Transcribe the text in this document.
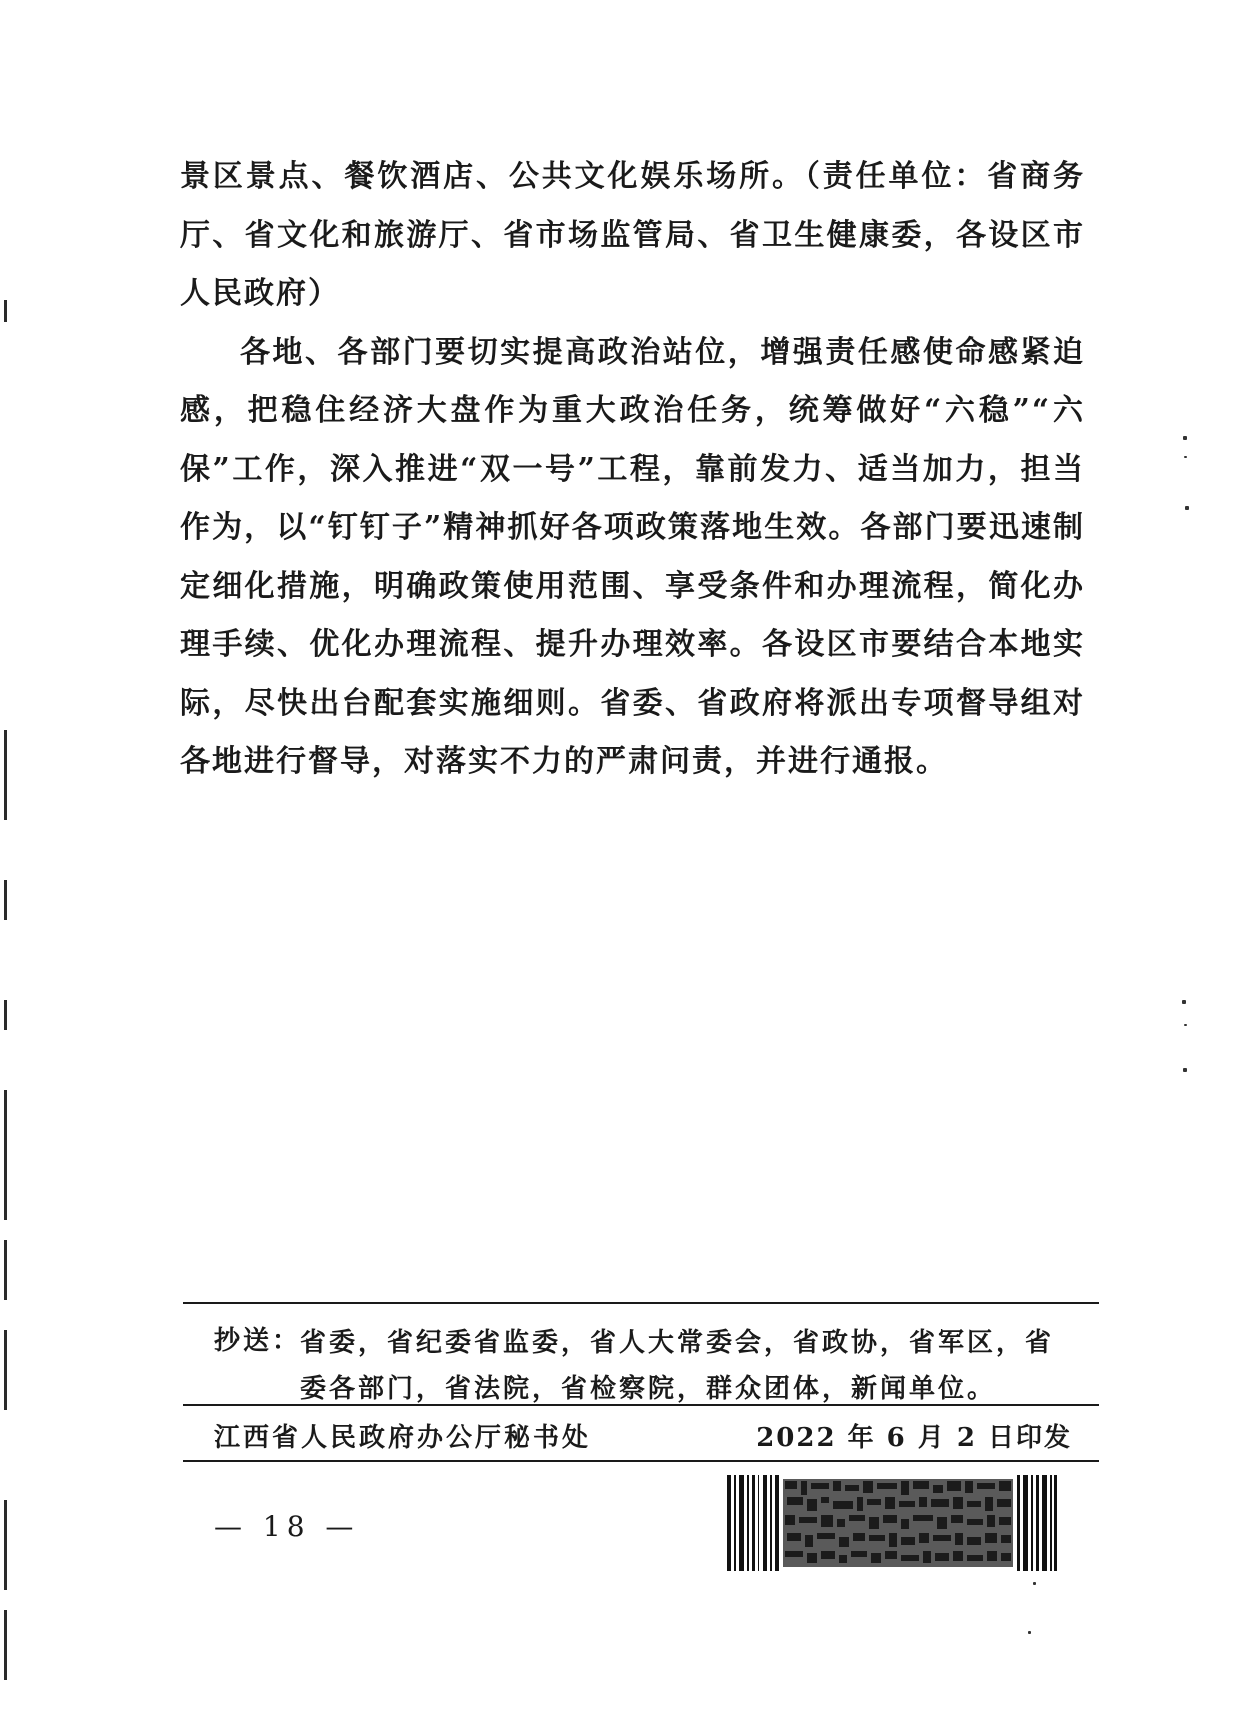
景区景点、餐饮酒店、公共文化娱乐场所。（责任单位：省商务厅、省文化和旅游厅、省市场监管局、省卫生健康委，各设区市人民政府）

各地、各部门要切实提高政治站位，增强责任感使命感紧迫感，把稳住经济大盘作为重大政治任务，统筹做好“六稳”“六保”工作，深入推进“双一号”工程，靠前发力、适当加力，担当作为，以“钉钉子”精神抓好各项政策落地生效。各部门要迅速制定细化措施，明确政策使用范围、享受条件和办理流程，简化办理手续、优化办理流程、提升办理效率。各设区市要结合本地实际，尽快出台配套实施细则。省委、省政府将派出专项督导组对各地进行督导，对落实不力的严肃问责，并进行通报。

抄送：
省委，省纪委省监委，省人大常委会，省政协，省军区，省委各部门，省法院，省检察院，群众团体，新闻单位。
江西省人民政府办公厅秘书处	2022 年 6 月 2 日印发
— 18 —
